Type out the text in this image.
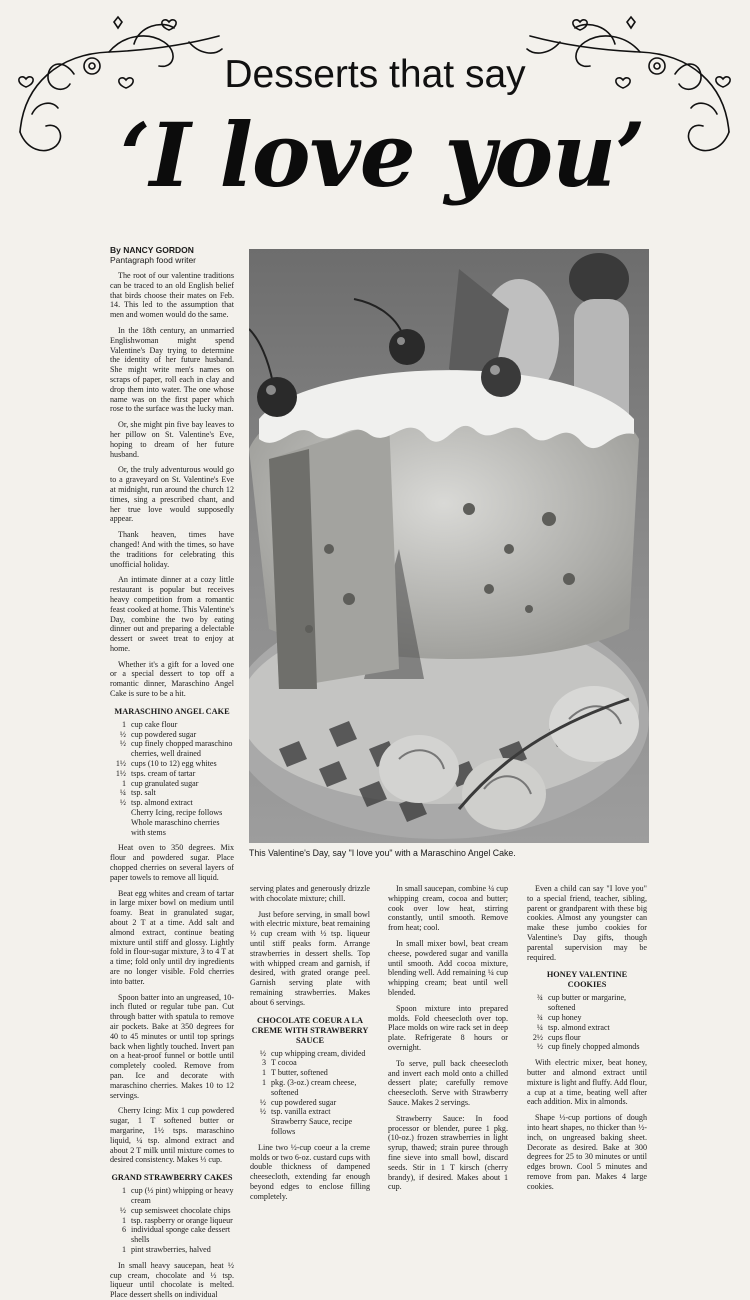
Desserts that say
‘I love you’

By NANCY GORDON

Pantagraph food writer

The root of our valentine traditions can be traced to an old English belief that birds choose their mates on Feb. 14. This led to the assumption that men and women would do the same.

In the 18th century, an unmarried Englishwoman might spend Valentine's Day trying to determine the identity of her future husband. She might write men's names on scraps of paper, roll each in clay and drop them into water. The one whose name was on the first paper which rose to the surface was the lucky man.

Or, she might pin five bay leaves to her pillow on St. Valentine's Eve, hoping to dream of her future husband.

Or, the truly adventurous would go to a graveyard on St. Valentine's Eve at midnight, run around the church 12 times, sing a prescribed chant, and her true love would supposedly appear.

Thank heaven, times have changed! And with the times, so have the traditions for celebrating this unofficial holiday.

An intimate dinner at a cozy little restaurant is popular but receives heavy competition from a romantic feast cooked at home. This Valentine's Day, combine the two by eating dinner out and preparing a delectable dessert or sweet treat to enjoy at home.

Whether it's a gift for a loved one or a special dessert to top off a romantic dinner, Maraschino Angel Cake is sure to be a hit.

MARASCHINO ANGEL CAKE
1 cup cake flour
½ cup powdered sugar
½ cup finely chopped maraschino cherries, well drained
1½ cups (10 to 12) egg whites
1½ tsps. cream of tartar
1 cup granulated sugar
¼ tsp. salt
½ tsp. almond extract
Cherry Icing, recipe follows
Whole maraschino cherries with stems

Heat oven to 350 degrees. Mix flour and powdered sugar. Place chopped cherries on several layers of paper towels to remove all liquid.

Beat egg whites and cream of tartar in large mixer bowl on medium until foamy. Beat in granulated sugar, about 2 T at a time. Add salt and almond extract, continue beating mixture until stiff and glossy. Lightly fold in flour-sugar mixture, 3 to 4 T at a time; fold only until dry ingredients are no longer visible. Fold cherries into batter.

Spoon batter into an ungreased, 10-inch fluted or regular tube pan. Cut through batter with spatula to remove air pockets. Bake at 350 degrees for 40 to 45 minutes or until top springs back when lightly touched. Invert pan on a heat-proof funnel or bottle until completely cooled. Remove from pan. Ice and decorate with maraschino cherries. Makes 10 to 12 servings.

Cherry Icing: Mix 1 cup powdered sugar, 1 T softened butter or margarine, 1½ tsps. maraschino liquid, ¼ tsp. almond extract and about 2 T milk until mixture comes to desired consistency. Makes ⅓ cup.

GRAND STRAWBERRY CAKES
1 cup (½ pint) whipping or heavy cream
½ cup semisweet chocolate chips
1 tsp. raspberry or orange liqueur
6 individual sponge cake dessert shells
1 pint strawberries, halved

In small heavy saucepan, heat ½ cup cream, chocolate and ½ tsp. liqueur until chocolate is melted. Place dessert shells on individual

This Valentine's Day, say "I love you" with a Maraschino Angel Cake.

serving plates and generously drizzle with chocolate mixture; chill.

Just before serving, in small bowl with electric mixture, beat remaining ½ cup cream with ½ tsp. liqueur until stiff peaks form. Arrange strawberries in dessert shells. Top with whipped cream and garnish, if desired, with grated orange peel. Garnish serving plate with remaining strawberries. Makes about 6 servings.

CHOCOLATE COEUR A LA CREME WITH STRAWBERRY SAUCE
½ cup whipping cream, divided
3 T cocoa
1 T butter, softened
1 pkg. (3-oz.) cream cheese, softened
½ cup powdered sugar
½ tsp. vanilla extract
Strawberry Sauce, recipe follows

Line two ½-cup coeur a la creme molds or two 6-oz. custard cups with double thickness of dampened cheesecloth, extending far enough beyond edges to enclose filling completely.

In small saucepan, combine ¼ cup whipping cream, cocoa and butter; cook over low heat, stirring constantly, until smooth. Remove from heat; cool.

In small mixer bowl, beat cream cheese, powdered sugar and vanilla until smooth. Add cocoa mixture, blending well. Add remaining ¼ cup whipping cream; beat until well blended.

Spoon mixture into prepared molds. Fold cheesecloth over top. Place molds on wire rack set in deep plate. Refrigerate 8 hours or overnight.

To serve, pull back cheesecloth and invert each mold onto a chilled dessert plate; carefully remove cheesecloth. Serve with Strawberry Sauce. Makes 2 servings.

Strawberry Sauce: In food processor or blender, puree 1 pkg. (10-oz.) frozen strawberries in light syrup, thawed; strain puree through fine sieve into small bowl, discard seeds. Stir in 1 T kirsch (cherry brandy), if desired. Makes about 1 cup.

Even a child can say "I love you" to a special friend, teacher, sibling, parent or grandparent with these big cookies. Almost any youngster can make these jumbo cookies for Valentine's Day gifts, though parental supervision may be required.

HONEY VALENTINE COOKIES
¾ cup butter or margarine, softened
¾ cup honey
¼ tsp. almond extract
2½ cups flour
½ cup finely chopped almonds

With electric mixer, beat honey, butter and almond extract until mixture is light and fluffy. Add flour, a cup at a time, beating well after each addition. Mix in almonds.

Shape ⅓-cup portions of dough into heart shapes, no thicker than ½-inch, on ungreased baking sheet. Decorate as desired. Bake at 300 degrees for 25 to 30 minutes or until edges brown. Cool 5 minutes and remove from pan. Makes 4 large cookies.
